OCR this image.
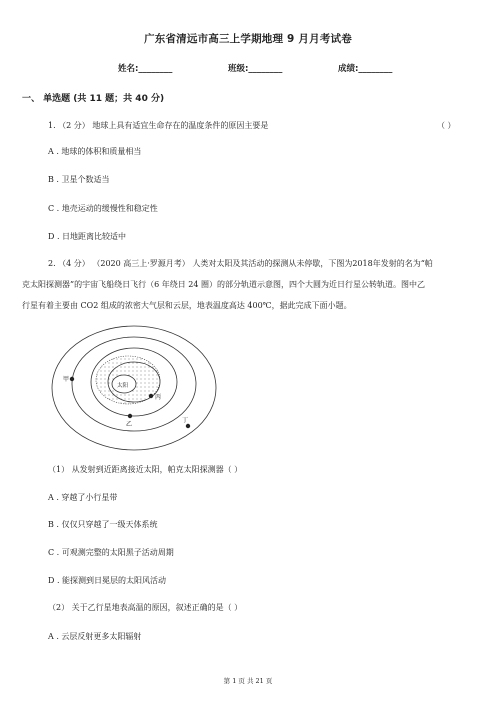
广东省清远市高三上学期地理 9 月月考试卷
姓名:________	班级:________	成绩:________
一、 单选题 (共 11 题；共 40 分)
1. （2 分） 地球上具有适宜生命存在的温度条件的原因主要是	（ ）
A . 地球的体积和质量相当
B . 卫星个数适当
C . 地壳运动的缓慢性和稳定性
D . 日地距离比较适中
2. （4 分） （2020 高三上·罗源月考） 人类对太阳及其活动的探测从未停歇，下图为2018年发射的名为“帕
克太阳探测器”的宇宙飞船绕日飞行（6 年绕日 24 圈）的部分轨道示意图，四个大圆为近日行星公转轨道。图中乙
行星有着主要由 CO2 组成的浓密大气层和云层，地表温度高达 400℃，据此完成下面小题。
太阳
甲
乙
丙
丁
（1） 从发射到近距离接近太阳，帕克太阳探测器（ ）
A . 穿越了小行星带
B . 仅仅只穿越了一级天体系统
C . 可观测完整的太阳黑子活动周期
D . 能探测到日冕层的太阳风活动
（2） 关于乙行星地表高温的原因，叙述正确的是（ ）
A . 云层反射更多太阳辐射
第 1 页 共 21 页
